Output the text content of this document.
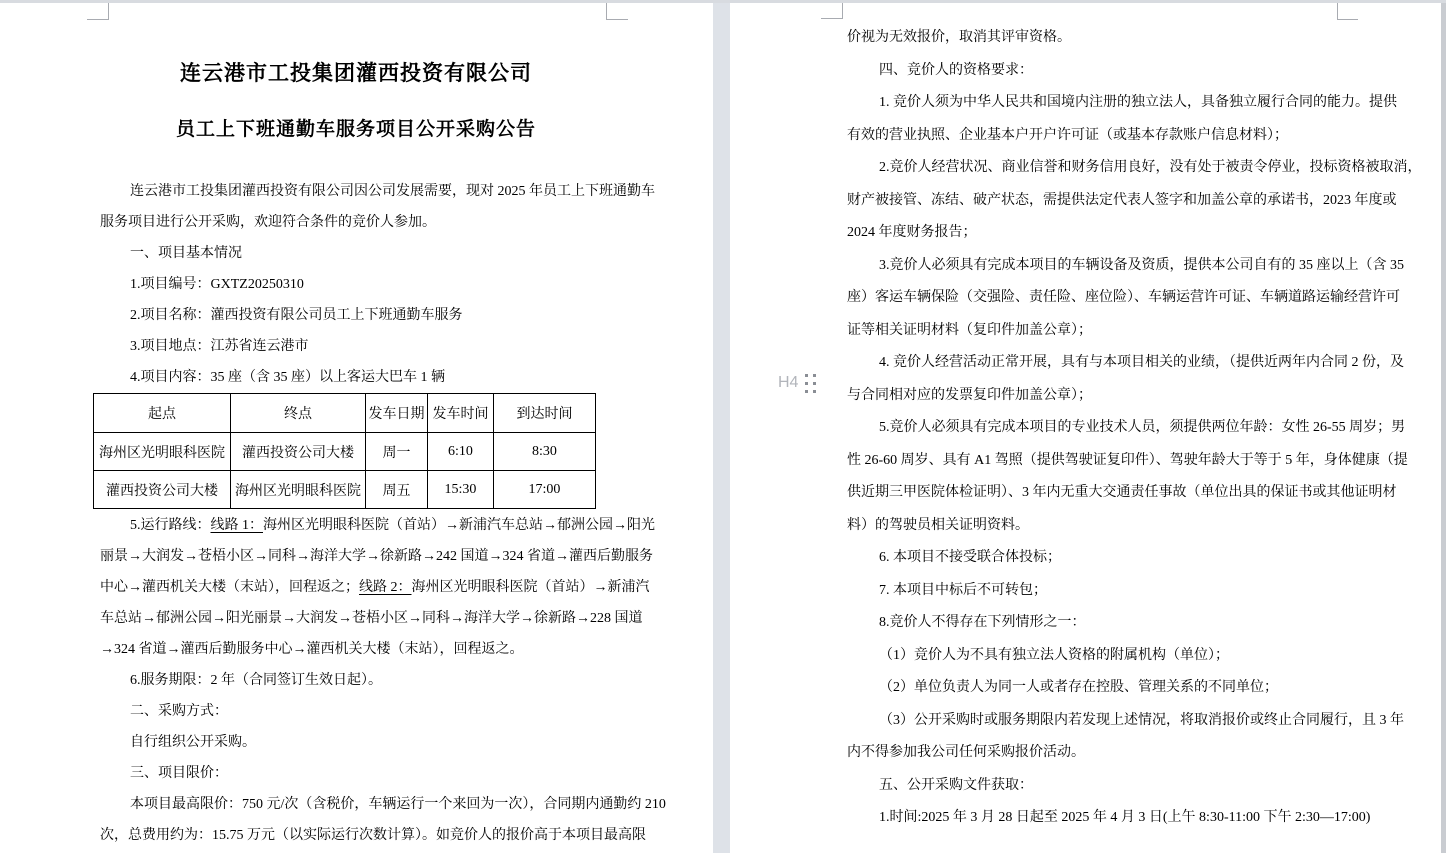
连云港市工投集团灌西投资有限公司
员工上下班通勤车服务项目公开采购公告
连云港市工投集团灌西投资有限公司因公司发展需要，现对 2025 年员工上下班通勤车
服务项目进行公开采购，欢迎符合条件的竞价人参加。
一、项目基本情况
1.项目编号：GXTZ20250310
2.项目名称：灌西投资有限公司员工上下班通勤车服务
3.项目地点：江苏省连云港市
4.项目内容：35 座（含 35 座）以上客运大巴车 1 辆
起点	终点	发车日期	发车时间	到达时间
海州区光明眼科医院	灌西投资公司大楼	周一	6:10	8:30
灌西投资公司大楼	海州区光明眼科医院	周五	15:30	17:00
5.运行路线：线路 1：海州区光明眼科医院（首站）→新浦汽车总站→郁洲公园→阳光
丽景→大润发→苍梧小区→同科→海洋大学→徐新路→242 国道→324 省道→灌西后勤服务
中心→灌西机关大楼（末站），回程返之；线路 2：海州区光明眼科医院（首站）→新浦汽
车总站→郁洲公园→阳光丽景→大润发→苍梧小区→同科→海洋大学→徐新路→228 国道
→324 省道→灌西后勤服务中心→灌西机关大楼（末站），回程返之。
6.服务期限：2 年（合同签订生效日起）。
二、采购方式：
自行组织公开采购。
三、项目限价：
本项目最高限价：750 元/次（含税价，车辆运行一个来回为一次），合同期内通勤约 210
次，总费用约为：15.75 万元（以实际运行次数计算）。如竞价人的报价高于本项目最高限
价视为无效报价，取消其评审资格。
四、竞价人的资格要求：
1. 竞价人须为中华人民共和国境内注册的独立法人，具备独立履行合同的能力。提供
有效的营业执照、企业基本户开户许可证（或基本存款账户信息材料）；
2.竞价人经营状况、商业信誉和财务信用良好，没有处于被责令停业，投标资格被取消，
财产被接管、冻结、破产状态，需提供法定代表人签字和加盖公章的承诺书，2023 年度或
2024 年度财务报告；
3.竞价人必须具有完成本项目的车辆设备及资质，提供本公司自有的 35 座以上（含 35
座）客运车辆保险（交强险、责任险、座位险）、车辆运营许可证、车辆道路运输经营许可
证等相关证明材料（复印件加盖公章）；
4. 竞价人经营活动正常开展，具有与本项目相关的业绩，（提供近两年内合同 2 份，及
与合同相对应的发票复印件加盖公章）；
5.竞价人必须具有完成本项目的专业技术人员，须提供两位年龄：女性 26-55 周岁；男
性 26-60 周岁、具有 A1 驾照（提供驾驶证复印件）、驾驶年龄大于等于 5 年，身体健康（提
供近期三甲医院体检证明）、3 年内无重大交通责任事故（单位出具的保证书或其他证明材
料）的驾驶员相关证明资料。
6. 本项目不接受联合体投标；
7. 本项目中标后不可转包；
8.竞价人不得存在下列情形之一：
（1）竞价人为不具有独立法人资格的附属机构（单位）；
（2）单位负责人为同一人或者存在控股、管理关系的不同单位；
（3）公开采购时或服务期限内若发现上述情况，将取消报价或终止合同履行，且 3 年
内不得参加我公司任何采购报价活动。
五、公开采购文件获取：
1.时间:2025 年 3 月 28 日起至 2025 年 4 月 3 日(上午 8:30-11:00 下午 2:30—17:00)
H4
